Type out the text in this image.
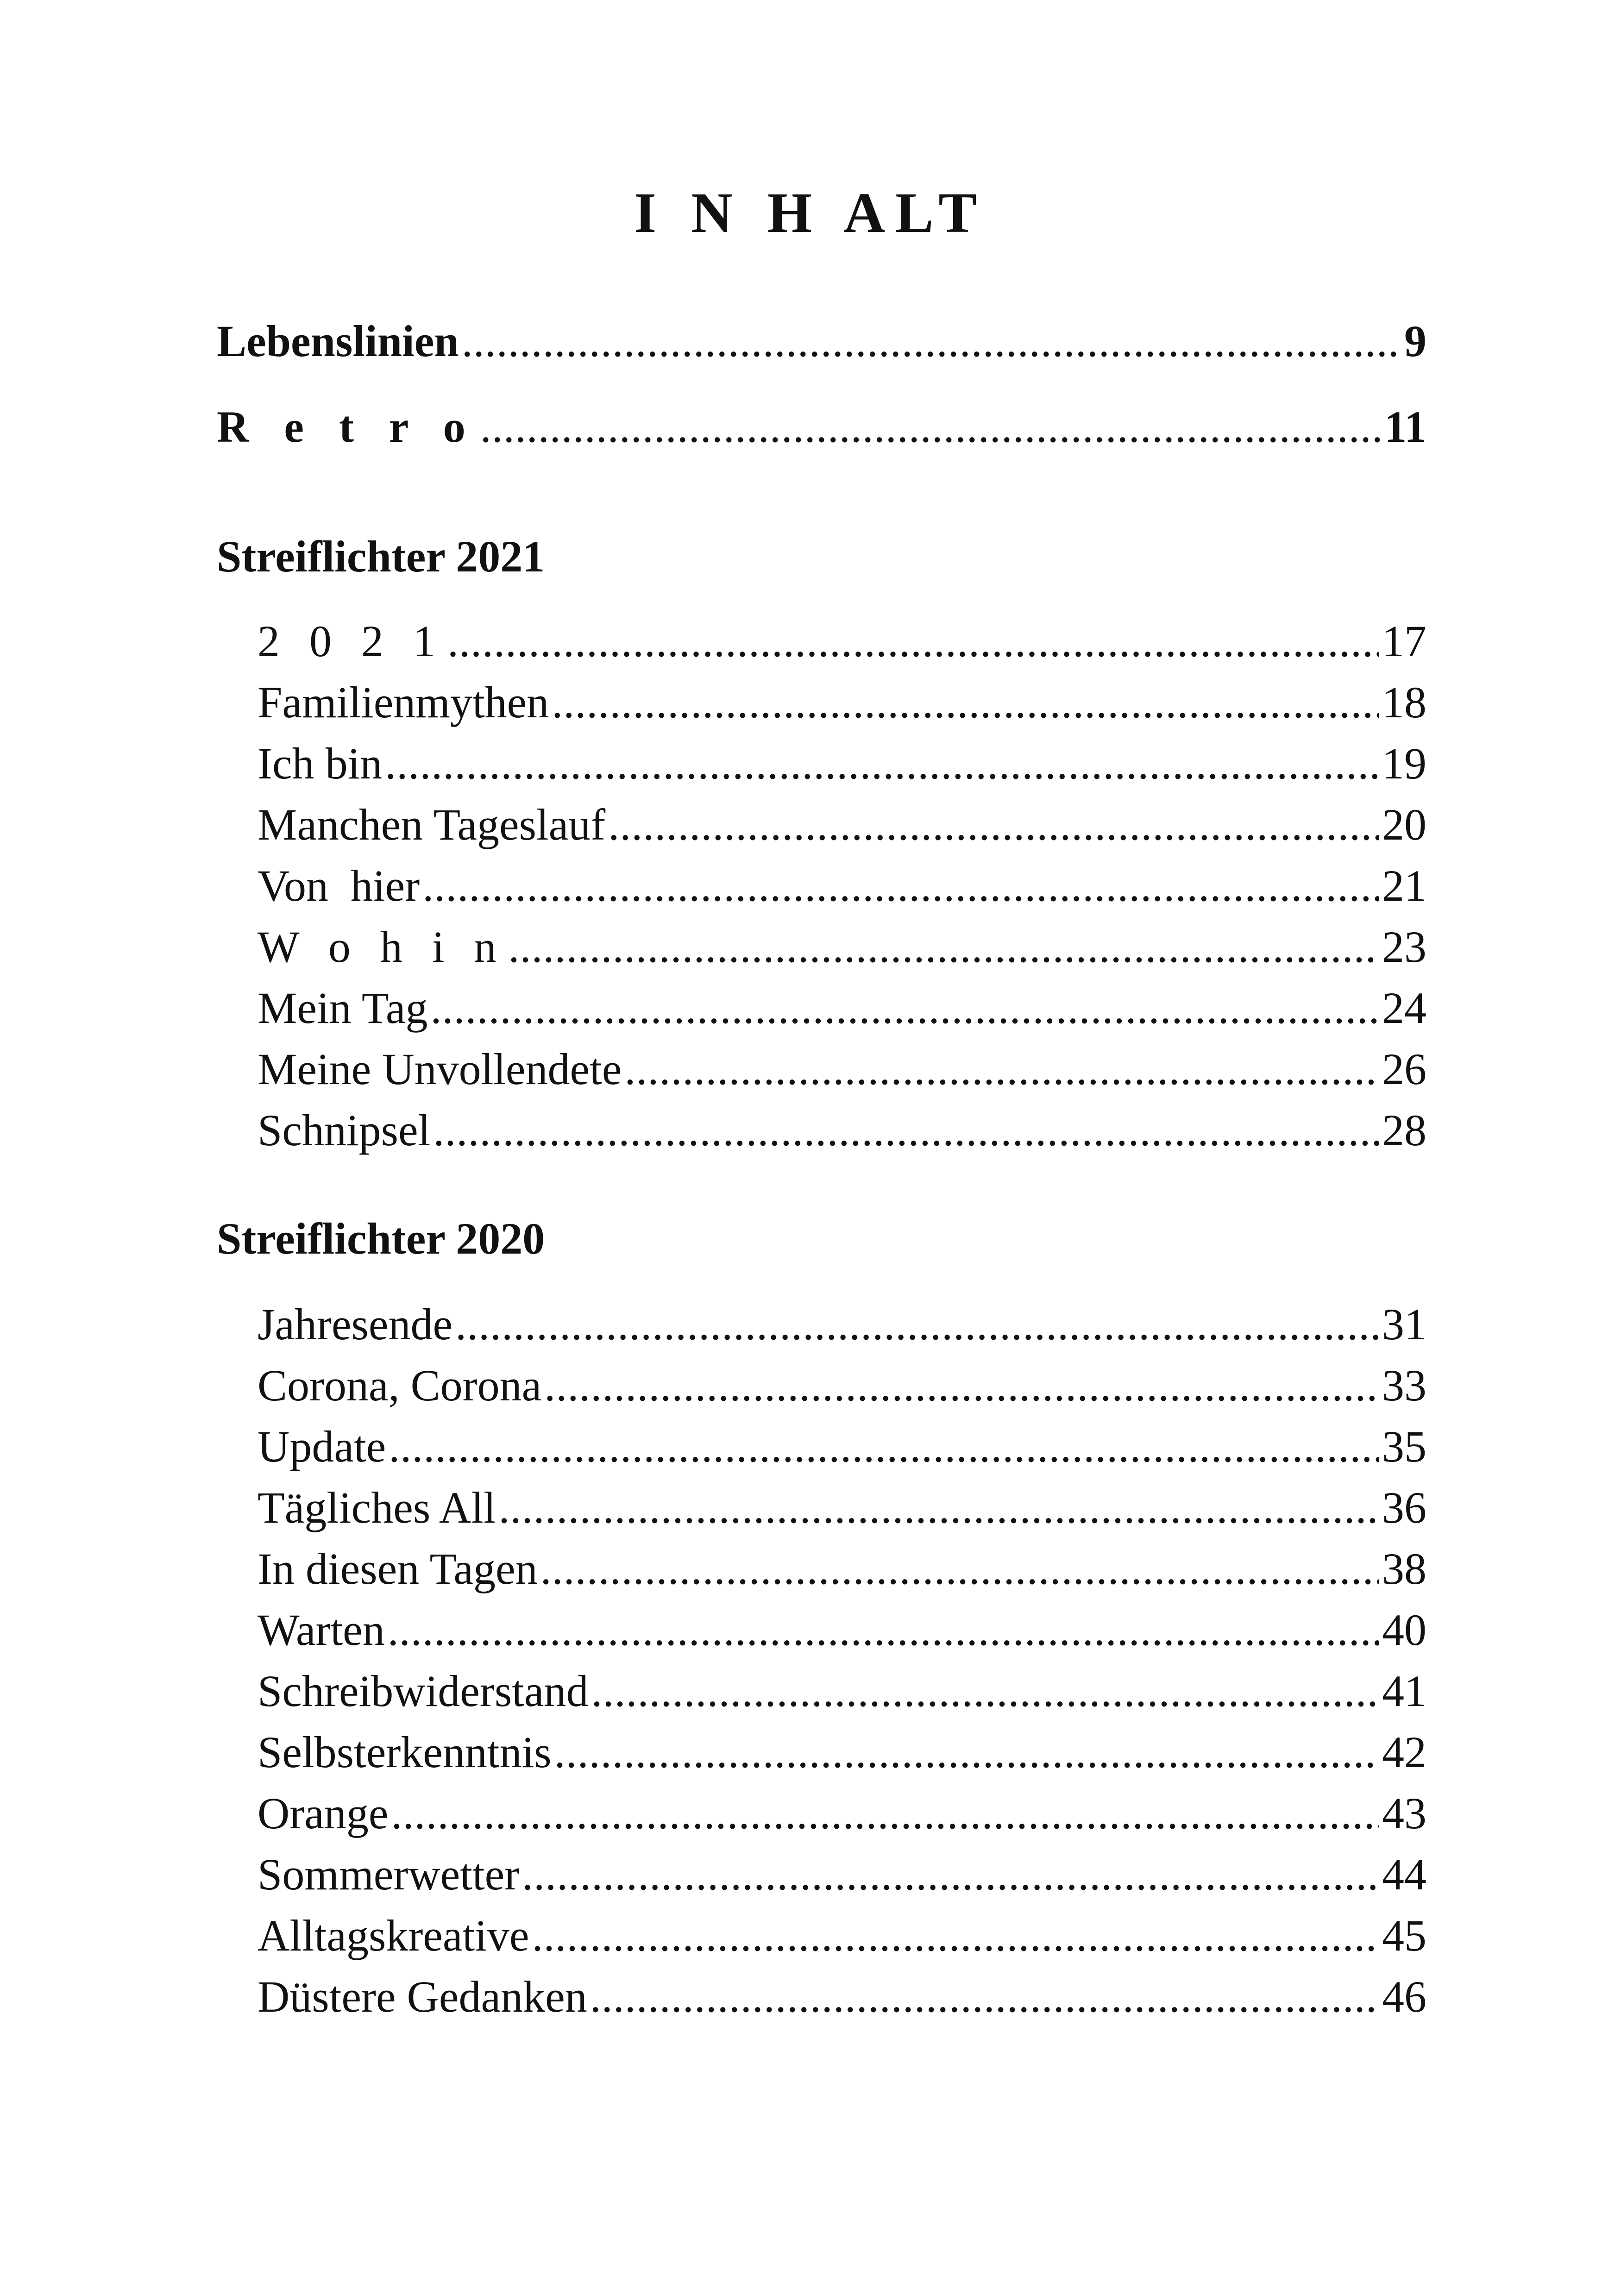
I N H ALT
Lebenslinien .....	9
R e t r o .....	11
Streiflichter 2021
2 0 2 1 .....	17
Familienmythen .....	18
Ich bin .....	19
Manchen Tageslauf .....	20
Von  hier .....	21
W o h i n .....	23
Mein Tag .....	24
Meine Unvollendete .....	26
Schnipsel .....	28
Streiflichter 2020
Jahresende .....	31
Corona, Corona .....	33
Update .....	35
Tägliches All .....	36
In diesen Tagen .....	38
Warten .....	40
Schreibwiderstand .....	41
Selbsterkenntnis .....	42
Orange .....	43
Sommerwetter .....	44
Alltagskreative .....	45
Düstere Gedanken .....	46
